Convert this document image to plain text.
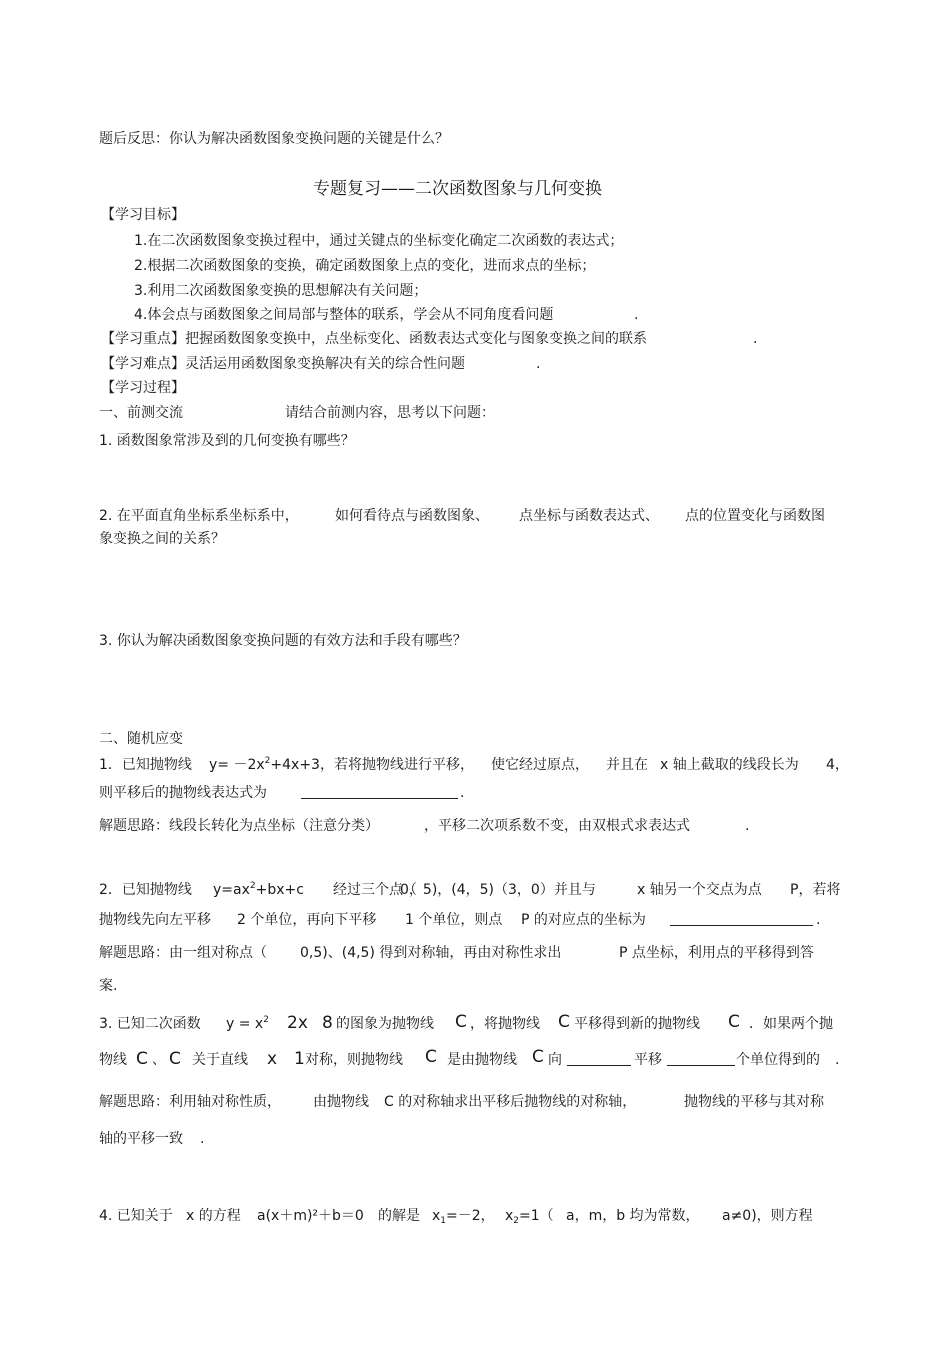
题后反思：你认为解决函数图象变换问题的关键是什么？
专题复习——二次函数图象与几何变换
【学习目标】
1.在二次函数图象变换过程中，通过关键点的坐标变化确定二次函数的表达式；
2.根据二次函数图象的变换，确定函数图象上点的变化，进而求点的坐标；
3.利用二次函数图象变换的思想解决有关问题；
4.体会点与函数图象之间局部与整体的联系，学会从不同角度看问题	.
【学习重点】把握函数图象变换中，点坐标变化、函数表达式变化与图象变换之间的联系	.
【学习难点】灵活运用函数图象变换解决有关的综合性问题	.
【学习过程】
一、前测交流	请结合前测内容，思考以下问题：
1. 函数图象常涉及到的几何变换有哪些？
2. 在平面直角坐标系坐标系中，	如何看待点与函数图象、 点坐标与函数表达式、 点的位置变化与函数图
象变换之间的关系？
3. 你认为解决函数图象变换问题的有效方法和手段有哪些？
二、随机应变
1．已知抛物线 $y= -2x^2+4x+3$，若将抛物线进行平移， 使它经过原点， 并且在 x 轴上截取的线段长为 4，
则平移后的抛物线表达式为	.
解题思路：线段长转化为点坐标（注意分类）	，平移二次项系数不变，由双根式求表达式	.
2．已知抛物线 $y=ax^2+bx+c$ 经过三个点（
0，5)，(4，5)（3，0）并且与	x 轴另一个交点为点 P，若将
抛物线先向左平移 2 个单位，再向下平移 1 个单位，则点 P 的对应点的坐标为	.
解题思路：由一组对称点（ 0,5)、(4,5) 得到对称轴，再由对称性求出	P 点坐标，利用点的平移得到答
案.
3. 已知二次函数 $y = x^2$ 2x 8 的图象为抛物线 C ，将抛物线 C 平移得到新的抛物线 C ．如果两个抛
物线 C 、 C 关于直线 x 1 对称，则抛物线 C 是由抛物线 C 向	平移	个单位得到的 .
解题思路：利用轴对称性质， 由抛物线 C 的对称轴求出平移后抛物线的对称轴，	抛物线的平移与其对称
轴的平移一致 .
4. 已知关于 x 的方程 a(x＋m)²＋b＝0 的解是 $x_1=-2$， $x_2=1$（ a，m，b 均为常数， a≠0)，则方程
